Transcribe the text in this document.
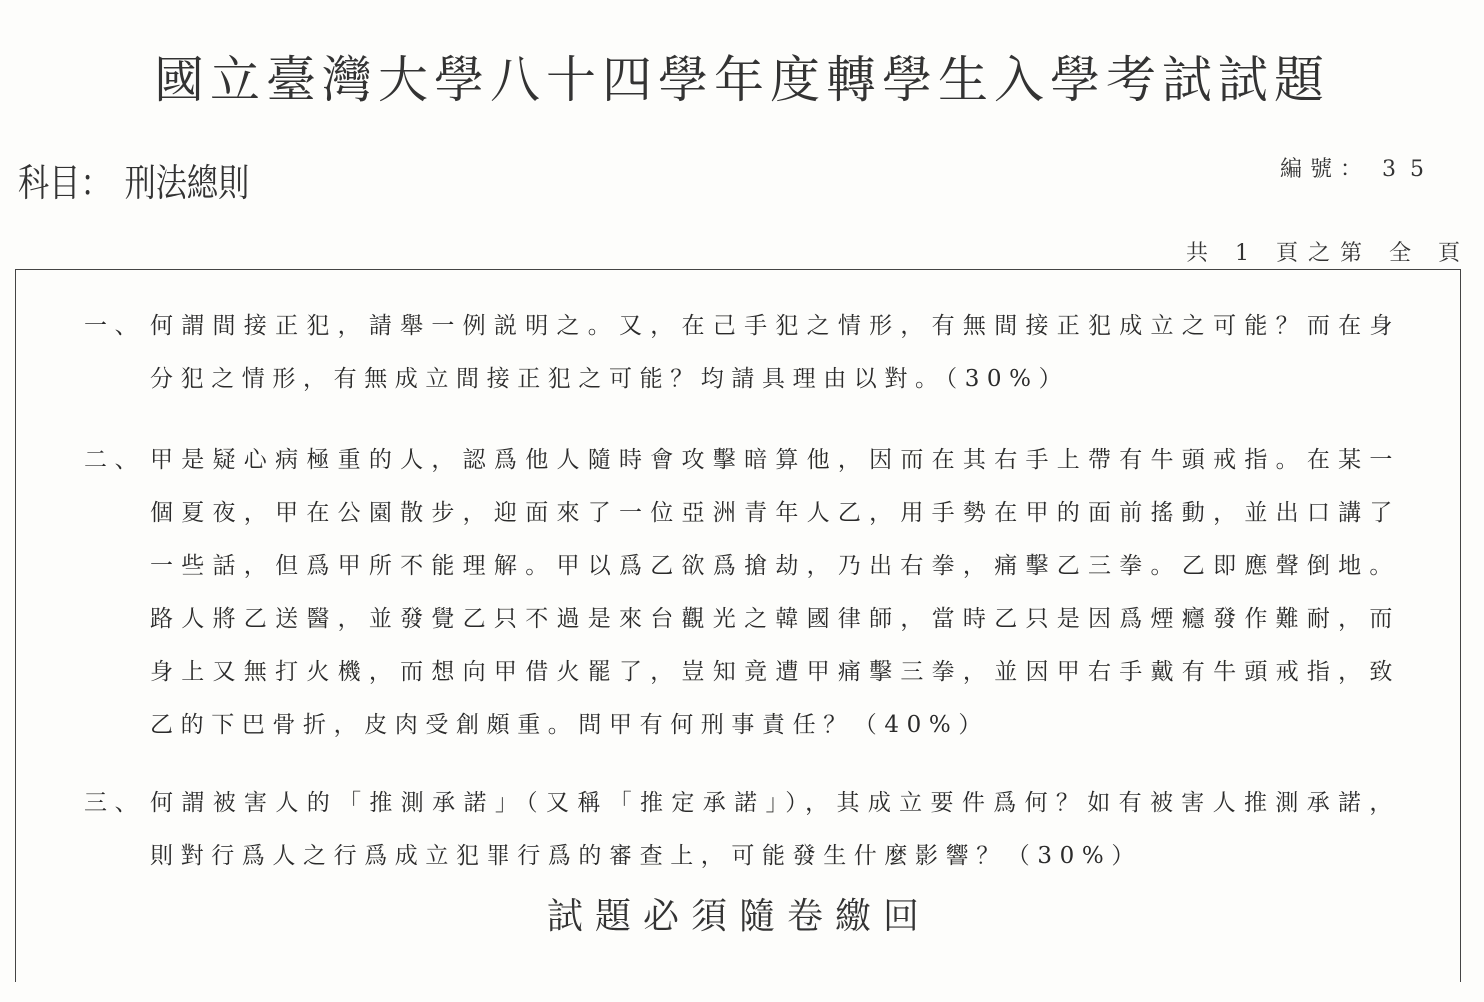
國立臺灣大學八十四學年度轉學生入學考試試題
科目： 刑法總則	編號： 35
共 1 頁之第 全 頁
一、 何謂間接正犯，請舉一例説明之。又，在己手犯之情形，有無間接正犯成立之可能？而在身分犯之情形，有無成立間接正犯之可能？均請具理由以對。（30%）
二、 甲是疑心病極重的人，認爲他人隨時會攻擊暗算他，因而在其右手上帶有牛頭戒指。在某一個夏夜，甲在公園散步，迎面來了一位亞洲青年人乙，用手勢在甲的面前搖動，並出口講了一些話，但爲甲所不能理解。甲以爲乙欲爲搶劫，乃出右拳，痛擊乙三拳。乙即應聲倒地。路人將乙送醫，並發覺乙只不過是來台觀光之韓國律師，當時乙只是因爲煙癮發作難耐，而身上又無打火機，而想向甲借火罷了，豈知竟遭甲痛擊三拳，並因甲右手戴有牛頭戒指，致乙的下巴骨折，皮肉受創頗重。問甲有何刑事責任？（40%）
三、 何謂被害人的「推測承諾」（又稱「推定承諾」），其成立要件爲何？如有被害人推測承諾，則對行爲人之行爲成立犯罪行爲的審查上，可能發生什麼影響？（30%）
試題必須隨卷繳回
